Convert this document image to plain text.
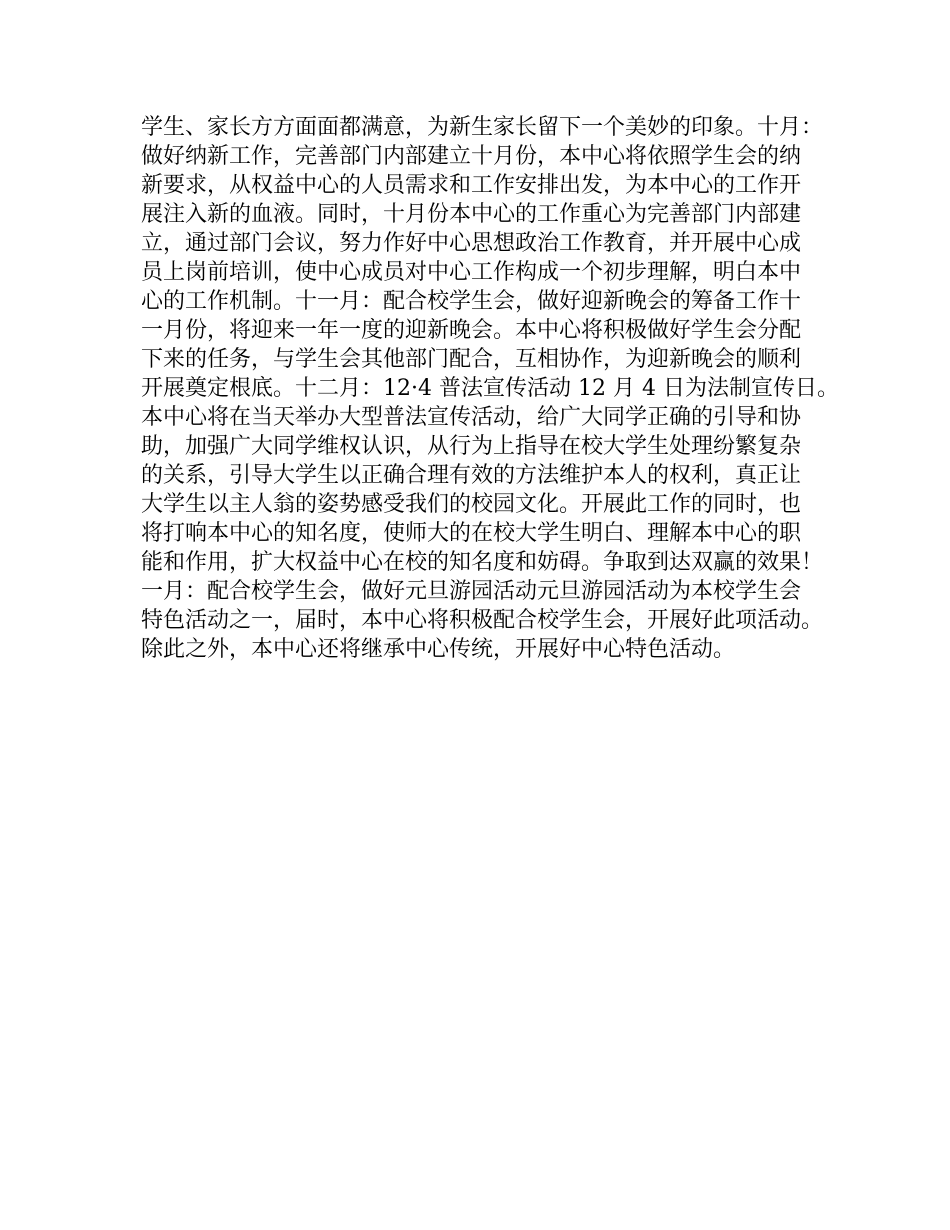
学生、家长方方面面都满意，为新生家长留下一个美妙的印象。十月：
做好纳新工作，完善部门内部建立十月份，本中心将依照学生会的纳
新要求，从权益中心的人员需求和工作安排出发，为本中心的工作开
展注入新的血液。同时，十月份本中心的工作重心为完善部门内部建
立，通过部门会议，努力作好中心思想政治工作教育，并开展中心成
员上岗前培训，使中心成员对中心工作构成一个初步理解，明白本中
心的工作机制。十一月：配合校学生会，做好迎新晚会的筹备工作十
一月份，将迎来一年一度的迎新晚会。本中心将积极做好学生会分配
下来的任务，与学生会其他部门配合，互相协作，为迎新晚会的顺利
开展奠定根底。十二月：12·4 普法宣传活动 12 月 4 日为法制宣传日。
本中心将在当天举办大型普法宣传活动，给广大同学正确的引导和协
助，加强广大同学维权认识，从行为上指导在校大学生处理纷繁复杂
的关系，引导大学生以正确合理有效的方法维护本人的权利，真正让
大学生以主人翁的姿势感受我们的校园文化。开展此工作的同时，也
将打响本中心的知名度，使师大的在校大学生明白、理解本中心的职
能和作用，扩大权益中心在校的知名度和妨碍。争取到达双赢的效果！
一月：配合校学生会，做好元旦游园活动元旦游园活动为本校学生会
特色活动之一，届时，本中心将积极配合校学生会，开展好此项活动。
除此之外，本中心还将继承中心传统，开展好中心特色活动。
